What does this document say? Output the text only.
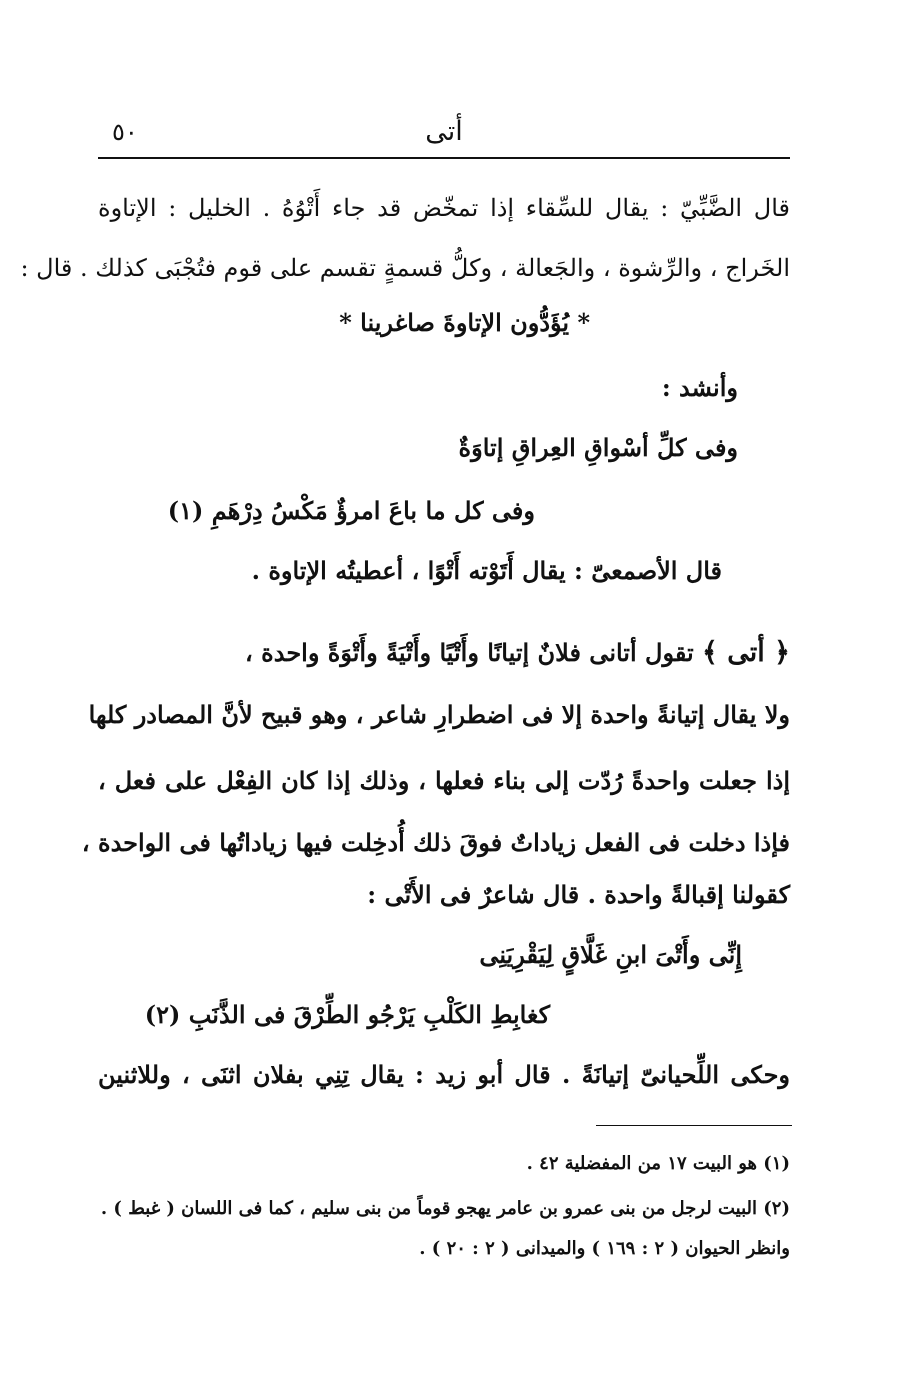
٥٠	أتى
قال الضَّبِّيّ : يقال للسِّقاء إذا تمخّض قد جاء أَتْوُهُ . الخليل : الإتاوة
الخَراج ، والرِّشوة ، والجَعالة ، وكلُّ قسمةٍ تقسم على قوم فتُجْبَى كذلك . قال :
* يُؤَدُّون الإتاوةَ صاغرينا *
وأنشد :
وفى كلِّ أسْواقِ العِراقِ إتاوَةٌ
وفى كل ما باعَ امرؤٌ مَكْسُ دِرْهَمِ (١)
قال الأصمعىّ : يقال أَتَوْته أَتْوًا ، أعطيتُه الإتاوة .
﴿ أتى ﴾ تقول أتانى فلانٌ إتيانًا وأَتْيًا وأَتْيَةً وأَتْوَةً واحدة ،
ولا يقال إتيانةً واحدة إلا فى اضطرارِ شاعر ، وهو قبيح لأنَّ المصادر كلها
إذا جعلت واحدةً رُدّت إلى بناء فعلها ، وذلك إذا كان الفِعْل على فعل ،
فإذا دخلت فى الفعل زياداتٌ فوقَ ذلك أُدخِلت فيها زياداتُها فى الواحدة ،
كقولنا إقبالةً واحدة . قال شاعرٌ فى الأَتْى :
إِنِّى وأَتْىَ ابنِ غَلَّاقٍ لِيَقْرِيَنِى
كغابِطِ الكَلْبِ يَرْجُو الطِّرْقَ فى الذَّنَبِ (٢)
وحكى اللِّحيانىّ إتيانَةً . قال أبو زيد : يقال تِنِي بفلان اثنَى ، وللاثنين
(١) هو البيت ١٧ من المفضلية ٤٢ .
(٢) البيت لرجل من بنى عمرو بن عامر يهجو قوماً من بنى سليم ، كما فى اللسان ( غبط ) .
وانظر الحيوان ( ٢ : ١٦٩ ) والميدانى ( ٢ : ٢٠ ) .
